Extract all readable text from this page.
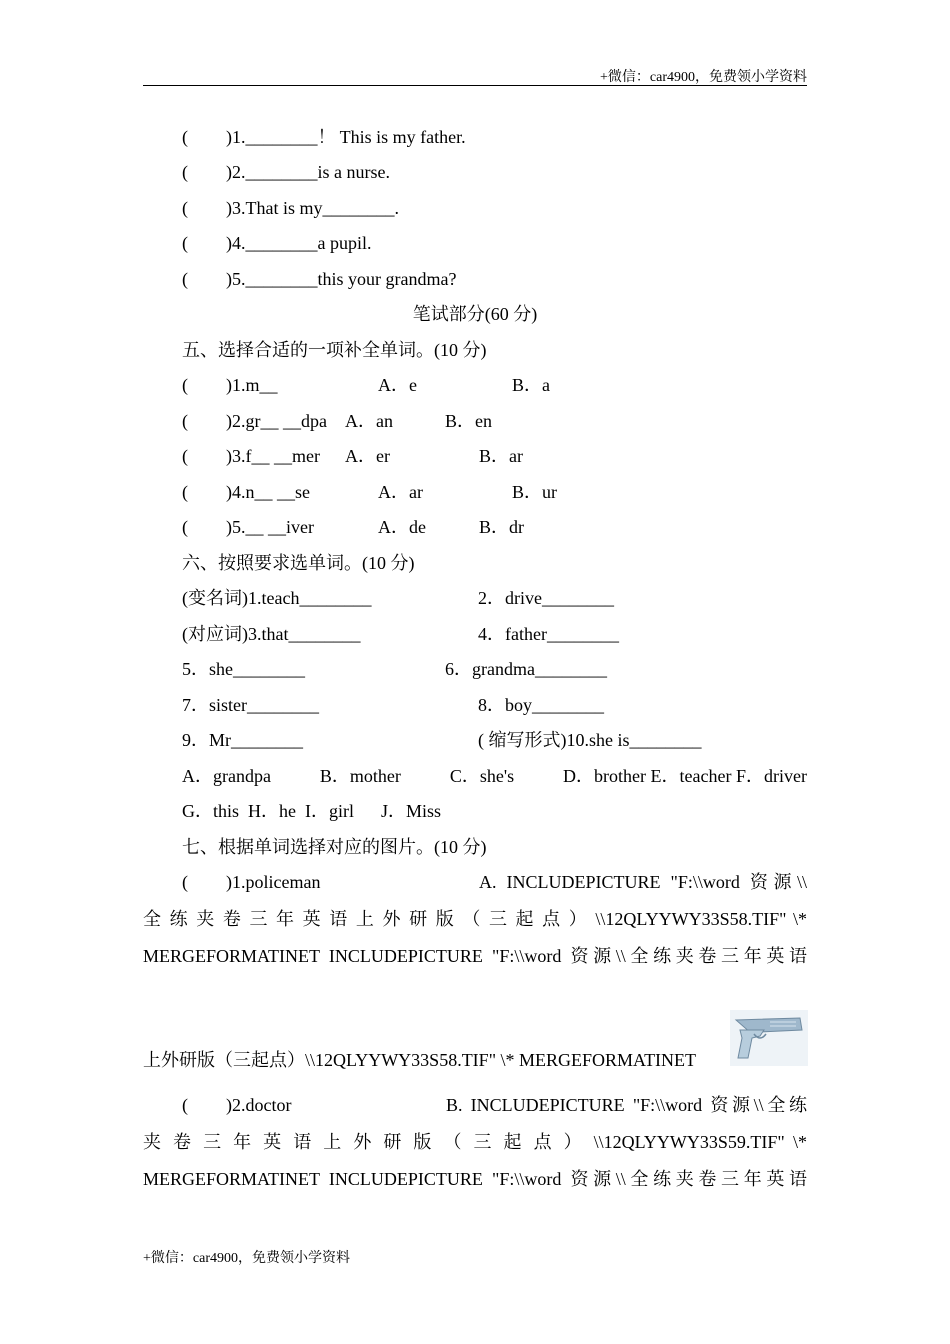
+微信：car4900，免费领小学资料
( )1.________！ This is my father.
( )2.________is a nurse.
( )3.That is my________.
( )4.________a pupil.
( )5.________this your grandma?
笔试部分(60 分)
五、选择合适的一项补全单词。(10 分)
( )1.m__	A．e	B．a
( )2.gr__ __dpa A．an	B．en
( )3.f__ __mer A．er	B．ar
( )4.n__ __se	A．ar	B．ur
( )5.__ __iver	A．de	B．dr
六、按照要求选单词。(10 分)
(变名词)1.teach________	2．drive________
(对应词)3.that________	4．father________
5．she________	6．grandma________
7．sister________	8．boy________
9．Mr________	( 缩写形式)10.she is________
A．grandpa	B．mother	C．she's	D．brother E．teacher F．driver
G．this  H．he  I．girl      J．Miss
七、根据单词选择对应的图片。(10 分)
( )1.policeman	A. INCLUDEPICTURE "F:\\word 资源\\
全 练 夹 卷 三 年 英 语 上 外 研 版 （ 三 起 点 ） \\12QLYYWY33S58.TIF" \*
MERGEFORMATINET INCLUDEPICTURE "F:\\word 资源\\全练夹卷三年英语
上外研版（三起点）\\12QLYYWY33S58.TIF" \* MERGEFORMATINET
( )2.doctor	B. INCLUDEPICTURE "F:\\word 资源\\全练
夹 卷 三 年 英 语 上 外 研 版 （ 三 起 点 ） \\12QLYYWY33S59.TIF" \*
MERGEFORMATINET INCLUDEPICTURE "F:\\word 资源\\全练夹卷三年英语
+微信：car4900，免费领小学资料
